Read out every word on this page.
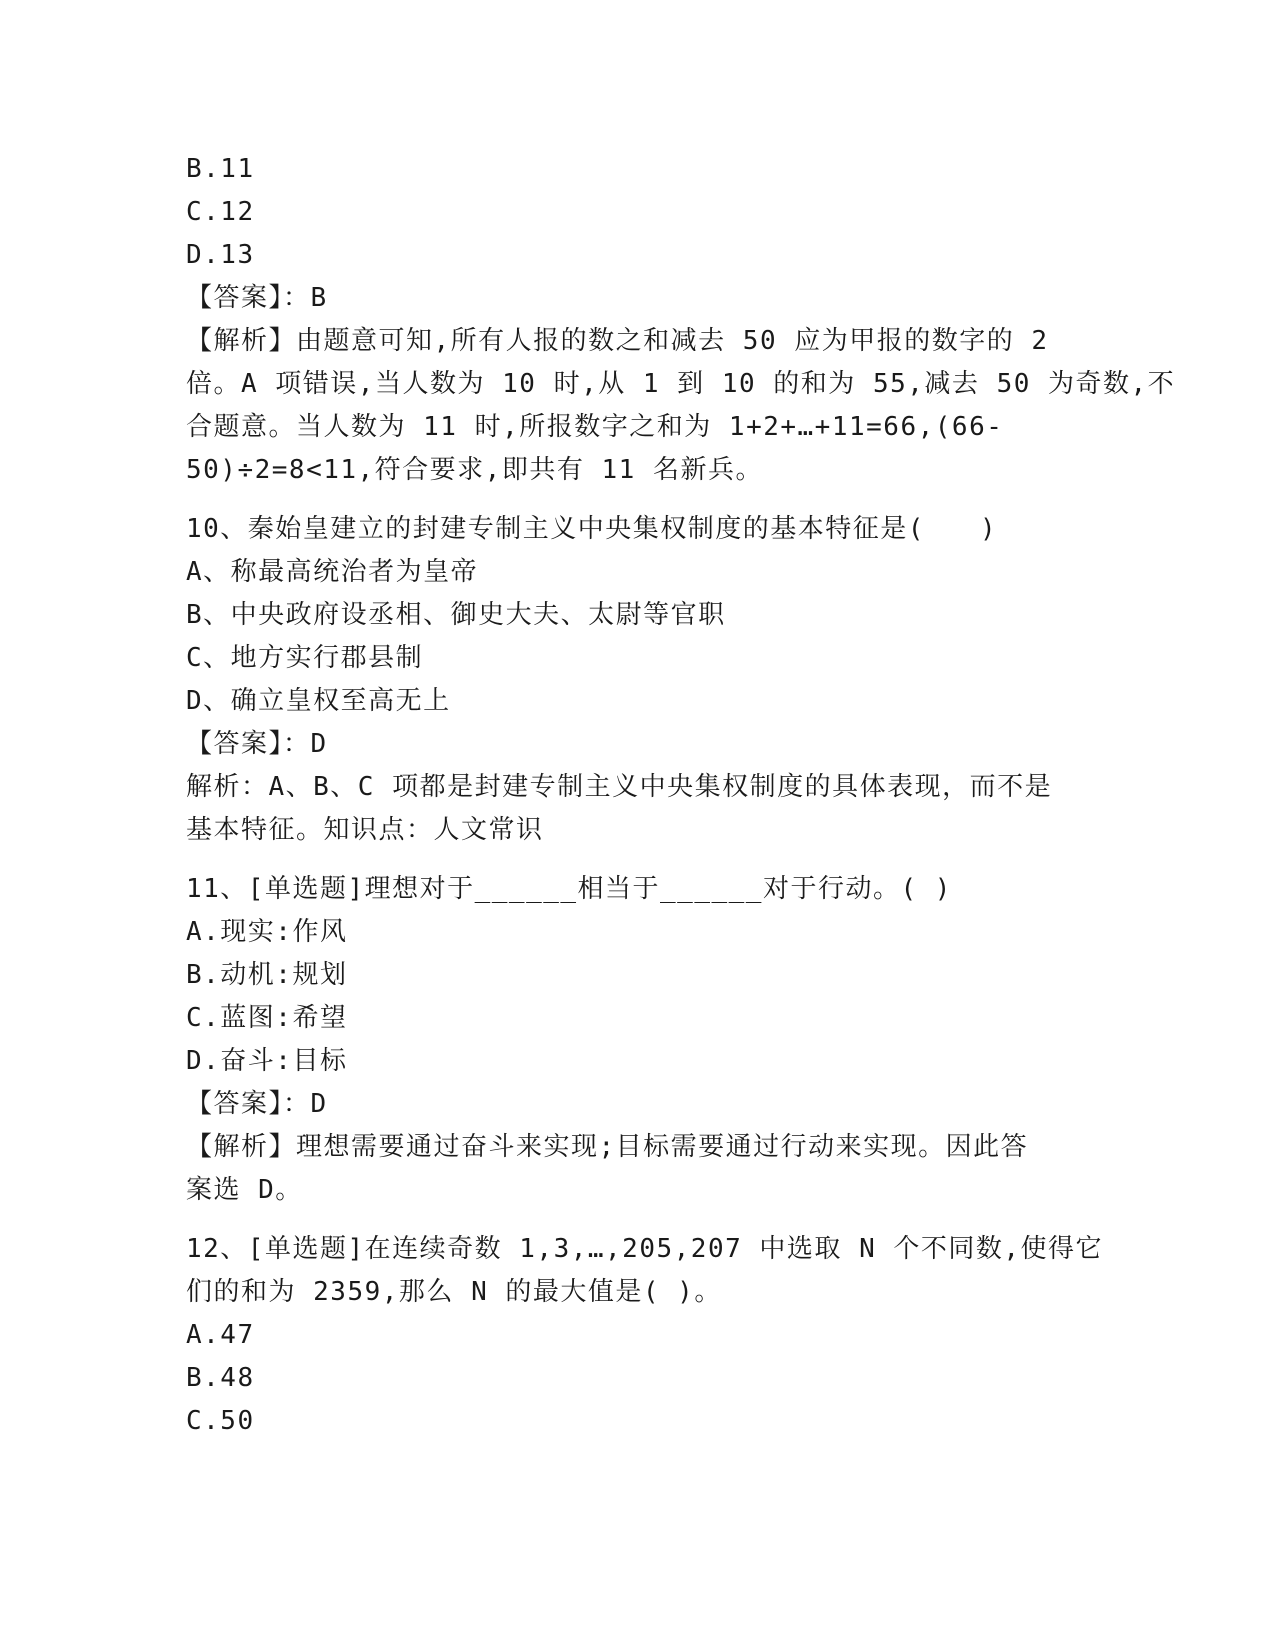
B.11
C.12
D.13
【答案】：B
【解析】由题意可知,所有人报的数之和减去 50 应为甲报的数字的 2
倍。A 项错误,当人数为 10 时,从 1 到 10 的和为 55,减去 50 为奇数,不
合题意。当人数为 11 时,所报数字之和为 1+2+…+11=66,(66-
50)÷2=8<11,符合要求,即共有 11 名新兵。
10、秦始皇建立的封建专制主义中央集权制度的基本特征是(　　)
A、称最高统治者为皇帝
B、中央政府设丞相、御史大夫、太尉等官职
C、地方实行郡县制
D、确立皇权至高无上
【答案】：D
解析：A、B、C 项都是封建专制主义中央集权制度的具体表现，而不是
基本特征。知识点：人文常识
11、[单选题]理想对于______相当于______对于行动。( )
A.现实:作风
B.动机:规划
C.蓝图:希望
D.奋斗:目标
【答案】：D
【解析】理想需要通过奋斗来实现;目标需要通过行动来实现。因此答
案选 D。
12、[单选题]在连续奇数 1,3,…,205,207 中选取 N 个不同数,使得它
们的和为 2359,那么 N 的最大值是( )。
A.47
B.48
C.50
